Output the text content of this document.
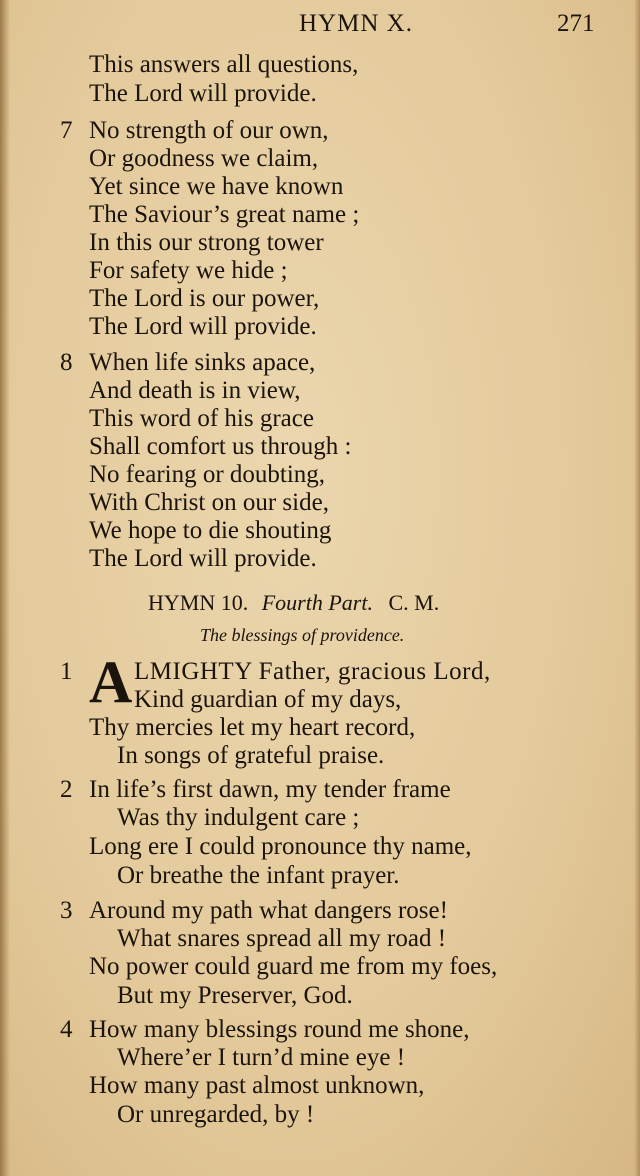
HYMN X.	271
This answers all questions,
The Lord will provide.
7 No strength of our own,
Or goodness we claim,
Yet since we have known
The Saviour’s great name ;
In this our strong tower
For safety we hide ;
The Lord is our power,
The Lord will provide.
8 When life sinks apace,
And death is in view,
This word of his grace
Shall comfort us through :
No fearing or doubting,
With Christ on our side,
We hope to die shouting
The Lord will provide.
HYMN 10. Fourth Part. C. M.
The blessings of providence.
1 A LMIGHTY Father, gracious Lord,
Kind guardian of my days,
Thy mercies let my heart record,
In songs of grateful praise.
2 In life’s first dawn, my tender frame
Was thy indulgent care ;
Long ere I could pronounce thy name,
Or breathe the infant prayer.
3 Around my path what dangers rose!
What snares spread all my road !
No power could guard me from my foes,
But my Preserver, God.
4 How many blessings round me shone,
Where’er I turn’d mine eye !
How many past almost unknown,
Or unregarded, by !
